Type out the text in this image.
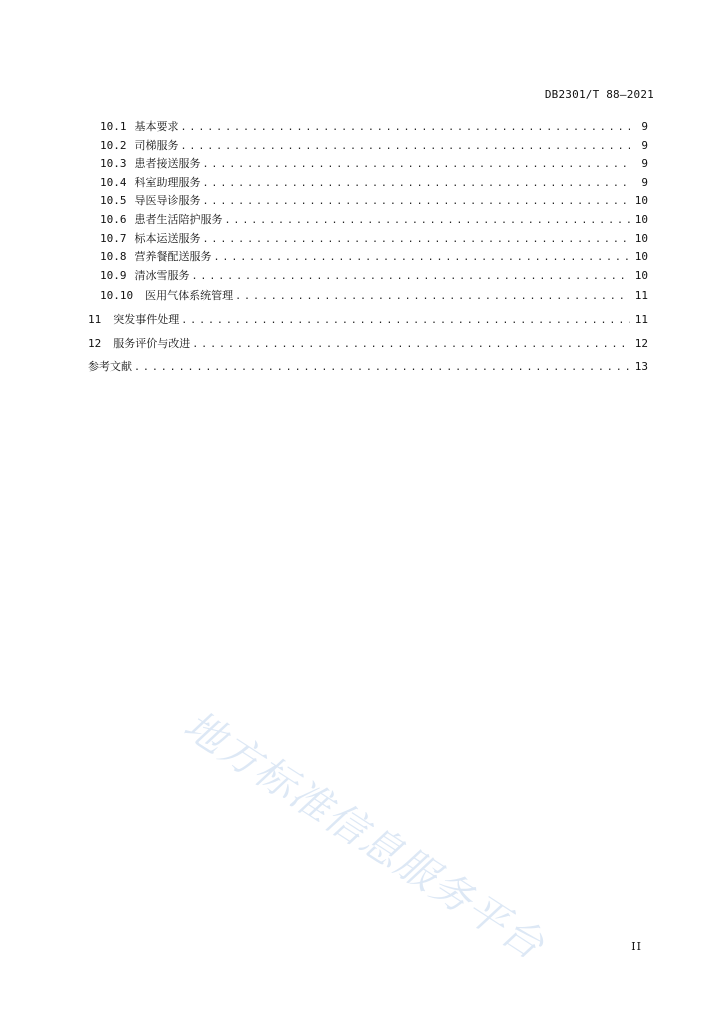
DB2301/T 88—2021
10.1 基本要求 .....	9
10.2 司梯服务 .....	9
10.3 患者接送服务 .....	9
10.4 科室助理服务 .....	9
10.5 导医导诊服务 .....	10
10.6 患者生活陪护服务 .....	10
10.7 标本运送服务 .....	10
10.8 营养餐配送服务 .....	10
10.9 清冰雪服务 .....	10
10.10 医用气体系统管理 .....	11
11 突发事件处理 .....	11
12 服务评价与改进 .....	12
参考文献 .....	13
地方标准信息服务平台	II
